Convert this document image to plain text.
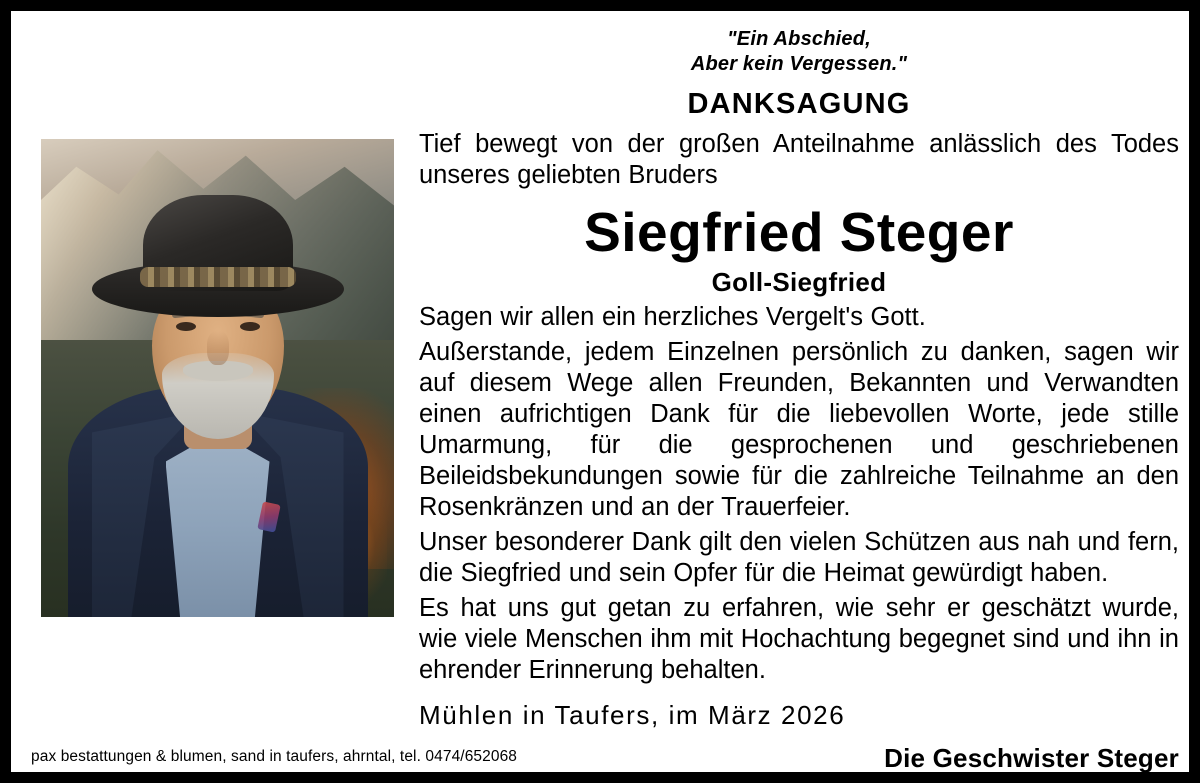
"Ein Abschied,
Aber kein Vergessen."
DANKSAGUNG
Tief bewegt von der großen Anteilnahme anlässlich des Todes unseres geliebten Bruders
Siegfried Steger
Goll-Siegfried
Sagen wir allen ein herzliches Vergelt's Gott.
Außerstande, jedem Einzelnen persönlich zu danken, sagen wir auf diesem Wege allen Freunden, Bekannten und Verwandten einen aufrichtigen Dank für die liebevollen Worte, jede stille Umarmung, für die gesprochenen und geschriebenen Beileidsbekundungen sowie für die zahlreiche Teilnahme an den Rosenkränzen und an der Trauerfeier.
Unser besonderer Dank gilt den vielen Schützen aus nah und fern, die Siegfried und sein Opfer für die Heimat gewürdigt haben.
Es hat uns gut getan zu erfahren, wie sehr er geschätzt wurde, wie viele Menschen ihm mit Hochachtung begegnet sind und ihn in ehrender Erinnerung behalten.
Mühlen in Taufers, im März 2026
Die Geschwister Steger
pax bestattungen & blumen, sand in taufers, ahrntal, tel. 0474/652068
